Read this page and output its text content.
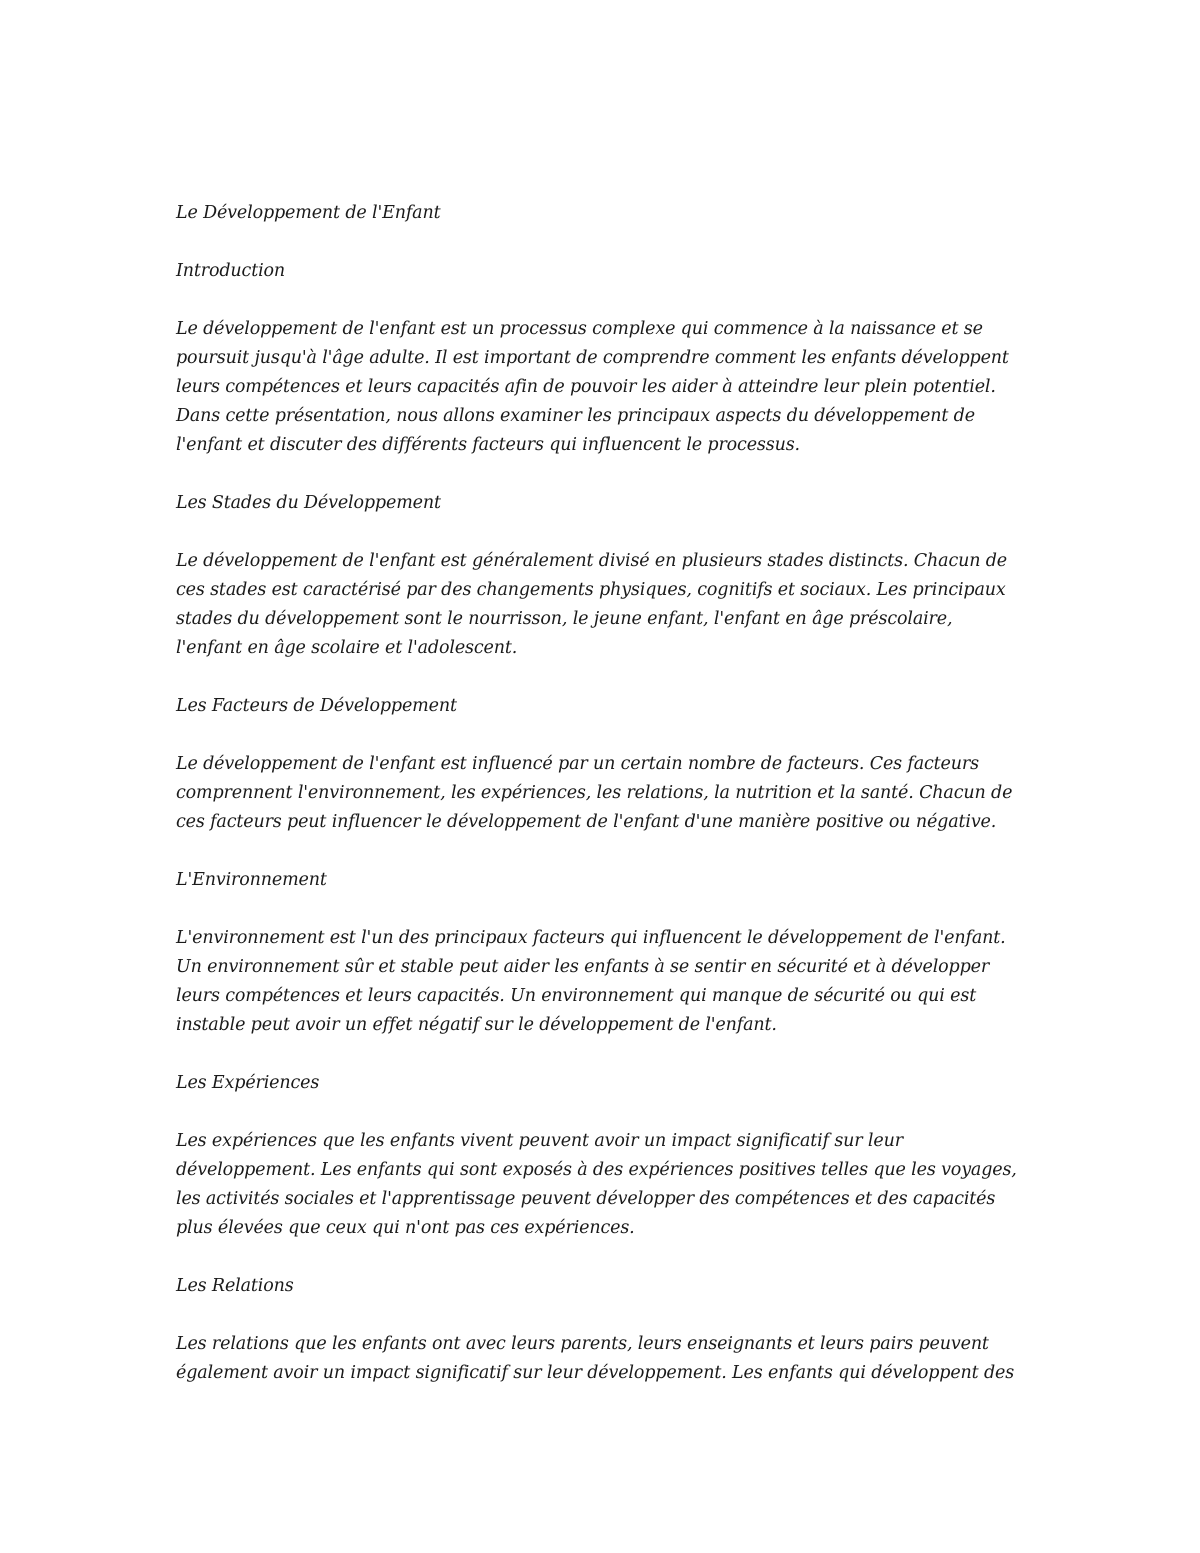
Le Développement de l'Enfant

Introduction

Le développement de l'enfant est un processus complexe qui commence à la naissance et se
poursuit jusqu'à l'âge adulte. Il est important de comprendre comment les enfants développent
leurs compétences et leurs capacités afin de pouvoir les aider à atteindre leur plein potentiel.
Dans cette présentation, nous allons examiner les principaux aspects du développement de
l'enfant et discuter des différents facteurs qui influencent le processus.

Les Stades du Développement

Le développement de l'enfant est généralement divisé en plusieurs stades distincts. Chacun de
ces stades est caractérisé par des changements physiques, cognitifs et sociaux. Les principaux
stades du développement sont le nourrisson, le jeune enfant, l'enfant en âge préscolaire,
l'enfant en âge scolaire et l'adolescent.

Les Facteurs de Développement

Le développement de l'enfant est influencé par un certain nombre de facteurs. Ces facteurs
comprennent l'environnement, les expériences, les relations, la nutrition et la santé. Chacun de
ces facteurs peut influencer le développement de l'enfant d'une manière positive ou négative.

L'Environnement

L'environnement est l'un des principaux facteurs qui influencent le développement de l'enfant.
Un environnement sûr et stable peut aider les enfants à se sentir en sécurité et à développer
leurs compétences et leurs capacités. Un environnement qui manque de sécurité ou qui est
instable peut avoir un effet négatif sur le développement de l'enfant.

Les Expériences

Les expériences que les enfants vivent peuvent avoir un impact significatif sur leur
développement. Les enfants qui sont exposés à des expériences positives telles que les voyages,
les activités sociales et l'apprentissage peuvent développer des compétences et des capacités
plus élevées que ceux qui n'ont pas ces expériences.

Les Relations

Les relations que les enfants ont avec leurs parents, leurs enseignants et leurs pairs peuvent
également avoir un impact significatif sur leur développement. Les enfants qui développent des
